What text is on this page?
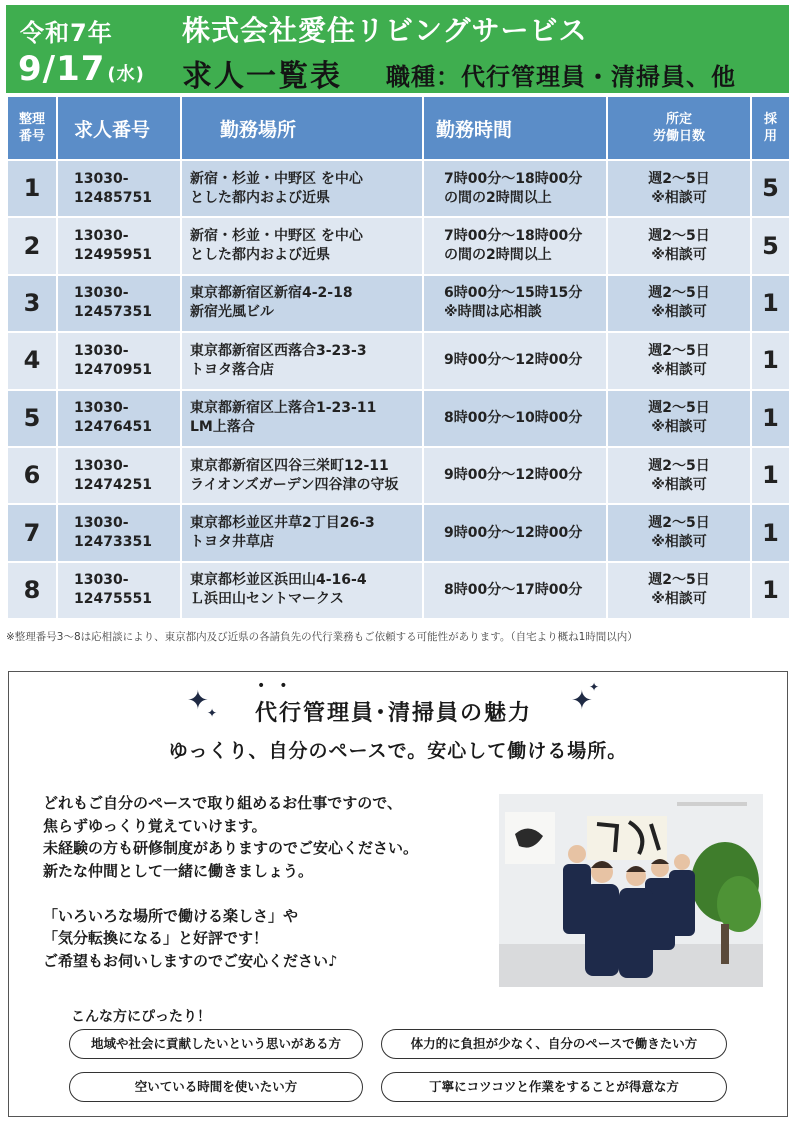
令和7年
9/17 (水)
株式会社愛住リビングサービス
求人一覧表 職種：代行管理員・清掃員、他
整理
番号	求人番号	勤務場所	勤務時間	所定
労働日数	採
用
1	13030-
12485751	新宿・杉並・中野区 を中心
とした都内および近県	7時00分～18時00分
の間の2時間以上	週2～5日
※相談可	5
2	13030-
12495951	新宿・杉並・中野区 を中心
とした都内および近県	7時00分～18時00分
の間の2時間以上	週2～5日
※相談可	5
3	13030-
12457351	東京都新宿区新宿4-2-18
新宿光風ビル	6時00分～15時15分
※時間は応相談	週2～5日
※相談可	1
4	13030-
12470951	東京都新宿区西落合3-23-3
トヨタ落合店	9時00分～12時00分	週2～5日
※相談可	1
5	13030-
12476451	東京都新宿区上落合1-23-11
LM上落合	8時00分～10時00分	週2～5日
※相談可	1
6	13030-
12474251	東京都新宿区四谷三栄町12-11
ライオンズガーデン四谷津の守坂	9時00分～12時00分	週2～5日
※相談可	1
7	13030-
12473351	東京都杉並区井草2丁目26-3
トヨタ井草店	9時00分～12時00分	週2～5日
※相談可	1
8	13030-
12475551	東京都杉並区浜田山4-16-4
Ｌ浜田山セントマークス	8時00分～17時00分	週2～5日
※相談可	1
※整理番号3～8は応相談により、東京都内及び近県の各請負先の代行業務もご依頼する可能性があります。（自宅より概ね1時間以内）
✦
✦	✦
✦
••
代行管理員･清掃員の魅力
ゆっくり、自分のペースで。安心して働ける場所。
どれもご自分のペースで取り組めるお仕事ですので、
焦らずゆっくり覚えていけます。
未経験の方も研修制度がありますのでご安心ください。
新たな仲間として一緒に働きましょう。

「いろいろな場所で働ける楽しさ」や
「気分転換になる」と好評です！
ご希望もお伺いしますのでご安心ください♪
こんな方にぴったり！
地域や社会に貢献したいという思いがある方	体力的に負担が少なく、自分のペースで働きたい方
空いている時間を使いたい方	丁寧にコツコツと作業をすることが得意な方
